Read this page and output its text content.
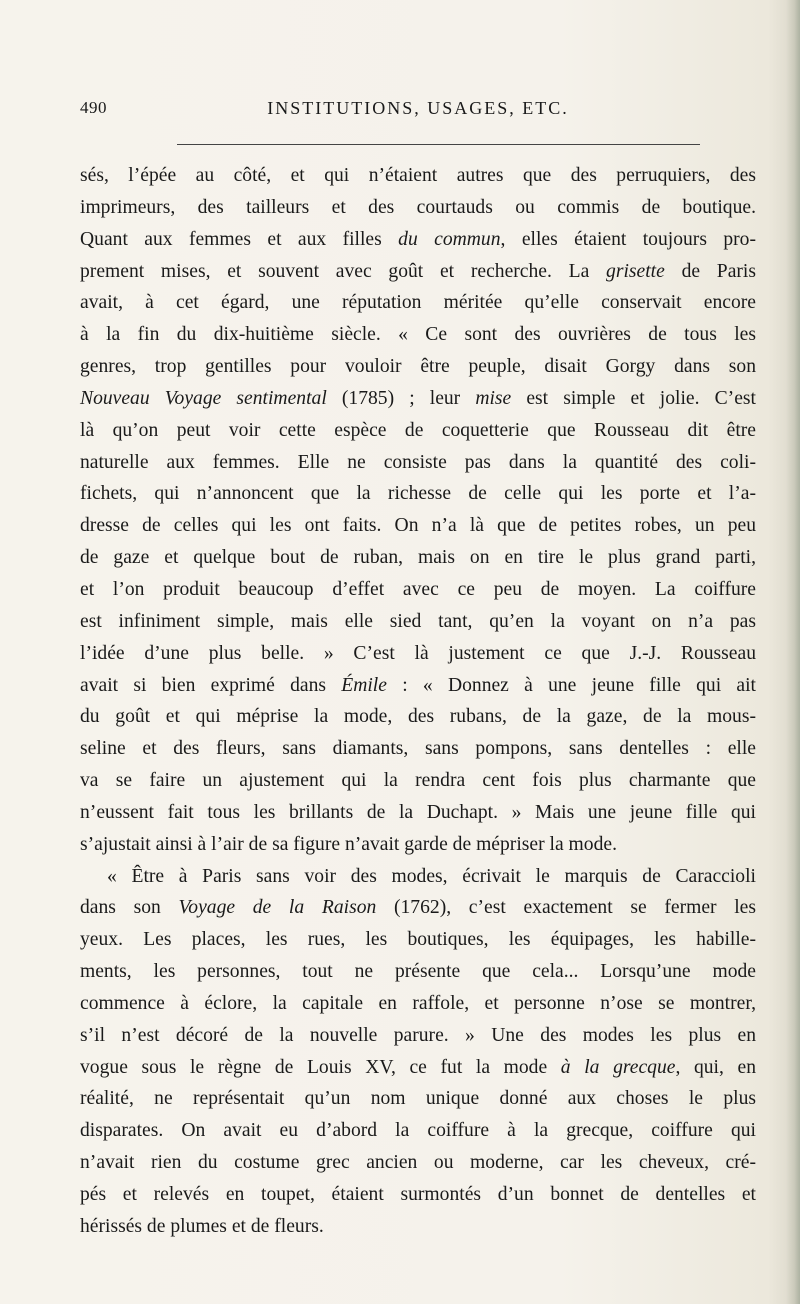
490	INSTITUTIONS, USAGES, ETC.
sés, l’épée au côté, et qui n’étaient autres que des perruquiers, des
imprimeurs, des tailleurs et des courtauds ou commis de boutique.
Quant aux femmes et aux filles du commun, elles étaient toujours pro-
prement mises, et souvent avec goût et recherche. La grisette de Paris
avait, à cet égard, une réputation méritée qu’elle conservait encore
à la fin du dix-huitième siècle. « Ce sont des ouvrières de tous les
genres, trop gentilles pour vouloir être peuple, disait Gorgy dans son
Nouveau Voyage sentimental (1785) ; leur mise est simple et jolie. C’est
là qu’on peut voir cette espèce de coquetterie que Rousseau dit être
naturelle aux femmes. Elle ne consiste pas dans la quantité des coli-
fichets, qui n’annoncent que la richesse de celle qui les porte et l’a-
dresse de celles qui les ont faits. On n’a là que de petites robes, un peu
de gaze et quelque bout de ruban, mais on en tire le plus grand parti,
et l’on produit beaucoup d’effet avec ce peu de moyen. La coiffure
est infiniment simple, mais elle sied tant, qu’en la voyant on n’a pas
l’idée d’une plus belle. » C’est là justement ce que J.-J. Rousseau
avait si bien exprimé dans Émile : « Donnez à une jeune fille qui ait
du goût et qui méprise la mode, des rubans, de la gaze, de la mous-
seline et des fleurs, sans diamants, sans pompons, sans dentelles : elle
va se faire un ajustement qui la rendra cent fois plus charmante que
n’eussent fait tous les brillants de la Duchapt. » Mais une jeune fille qui
s’ajustait ainsi à l’air de sa figure n’avait garde de mépriser la mode.
« Être à Paris sans voir des modes, écrivait le marquis de Caraccioli
dans son Voyage de la Raison (1762), c’est exactement se fermer les
yeux. Les places, les rues, les boutiques, les équipages, les habille-
ments, les personnes, tout ne présente que cela... Lorsqu’une mode
commence à éclore, la capitale en raffole, et personne n’ose se montrer,
s’il n’est décoré de la nouvelle parure. » Une des modes les plus en
vogue sous le règne de Louis XV, ce fut la mode à la grecque, qui, en
réalité, ne représentait qu’un nom unique donné aux choses le plus
disparates. On avait eu d’abord la coiffure à la grecque, coiffure qui
n’avait rien du costume grec ancien ou moderne, car les cheveux, cré-
pés et relevés en toupet, étaient surmontés d’un bonnet de dentelles et
hérissés de plumes et de fleurs.
